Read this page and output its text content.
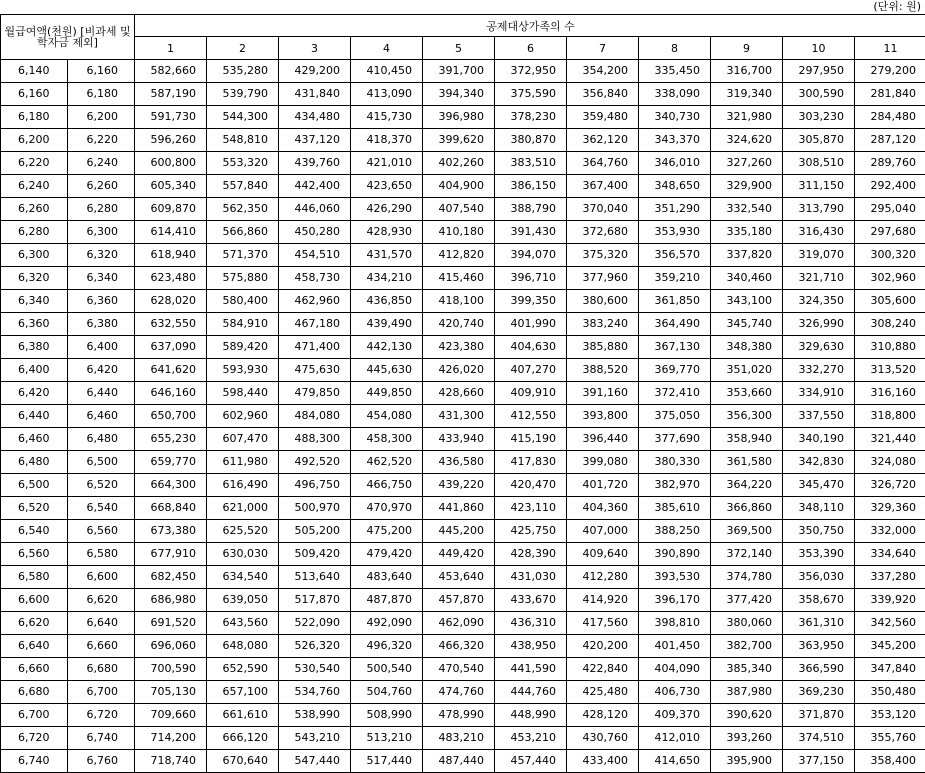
(단위: 원)
월급여액(천원) [비과세 및 학자금 제외]		공제대상가족의 수										
		1	2	3	4	5	6	7	8	9	10	11
6,140	6,160	582,660	535,280	429,200	410,450	391,700	372,950	354,200	335,450	316,700	297,950	279,200
6,160	6,180	587,190	539,790	431,840	413,090	394,340	375,590	356,840	338,090	319,340	300,590	281,840
6,180	6,200	591,730	544,300	434,480	415,730	396,980	378,230	359,480	340,730	321,980	303,230	284,480
6,200	6,220	596,260	548,810	437,120	418,370	399,620	380,870	362,120	343,370	324,620	305,870	287,120
6,220	6,240	600,800	553,320	439,760	421,010	402,260	383,510	364,760	346,010	327,260	308,510	289,760
6,240	6,260	605,340	557,840	442,400	423,650	404,900	386,150	367,400	348,650	329,900	311,150	292,400
6,260	6,280	609,870	562,350	446,060	426,290	407,540	388,790	370,040	351,290	332,540	313,790	295,040
6,280	6,300	614,410	566,860	450,280	428,930	410,180	391,430	372,680	353,930	335,180	316,430	297,680
6,300	6,320	618,940	571,370	454,510	431,570	412,820	394,070	375,320	356,570	337,820	319,070	300,320
6,320	6,340	623,480	575,880	458,730	434,210	415,460	396,710	377,960	359,210	340,460	321,710	302,960
6,340	6,360	628,020	580,400	462,960	436,850	418,100	399,350	380,600	361,850	343,100	324,350	305,600
6,360	6,380	632,550	584,910	467,180	439,490	420,740	401,990	383,240	364,490	345,740	326,990	308,240
6,380	6,400	637,090	589,420	471,400	442,130	423,380	404,630	385,880	367,130	348,380	329,630	310,880
6,400	6,420	641,620	593,930	475,630	445,630	426,020	407,270	388,520	369,770	351,020	332,270	313,520
6,420	6,440	646,160	598,440	479,850	449,850	428,660	409,910	391,160	372,410	353,660	334,910	316,160
6,440	6,460	650,700	602,960	484,080	454,080	431,300	412,550	393,800	375,050	356,300	337,550	318,800
6,460	6,480	655,230	607,470	488,300	458,300	433,940	415,190	396,440	377,690	358,940	340,190	321,440
6,480	6,500	659,770	611,980	492,520	462,520	436,580	417,830	399,080	380,330	361,580	342,830	324,080
6,500	6,520	664,300	616,490	496,750	466,750	439,220	420,470	401,720	382,970	364,220	345,470	326,720
6,520	6,540	668,840	621,000	500,970	470,970	441,860	423,110	404,360	385,610	366,860	348,110	329,360
6,540	6,560	673,380	625,520	505,200	475,200	445,200	425,750	407,000	388,250	369,500	350,750	332,000
6,560	6,580	677,910	630,030	509,420	479,420	449,420	428,390	409,640	390,890	372,140	353,390	334,640
6,580	6,600	682,450	634,540	513,640	483,640	453,640	431,030	412,280	393,530	374,780	356,030	337,280
6,600	6,620	686,980	639,050	517,870	487,870	457,870	433,670	414,920	396,170	377,420	358,670	339,920
6,620	6,640	691,520	643,560	522,090	492,090	462,090	436,310	417,560	398,810	380,060	361,310	342,560
6,640	6,660	696,060	648,080	526,320	496,320	466,320	438,950	420,200	401,450	382,700	363,950	345,200
6,660	6,680	700,590	652,590	530,540	500,540	470,540	441,590	422,840	404,090	385,340	366,590	347,840
6,680	6,700	705,130	657,100	534,760	504,760	474,760	444,760	425,480	406,730	387,980	369,230	350,480
6,700	6,720	709,660	661,610	538,990	508,990	478,990	448,990	428,120	409,370	390,620	371,870	353,120
6,720	6,740	714,200	666,120	543,210	513,210	483,210	453,210	430,760	412,010	393,260	374,510	355,760
6,740	6,760	718,740	670,640	547,440	517,440	487,440	457,440	433,400	414,650	395,900	377,150	358,400
